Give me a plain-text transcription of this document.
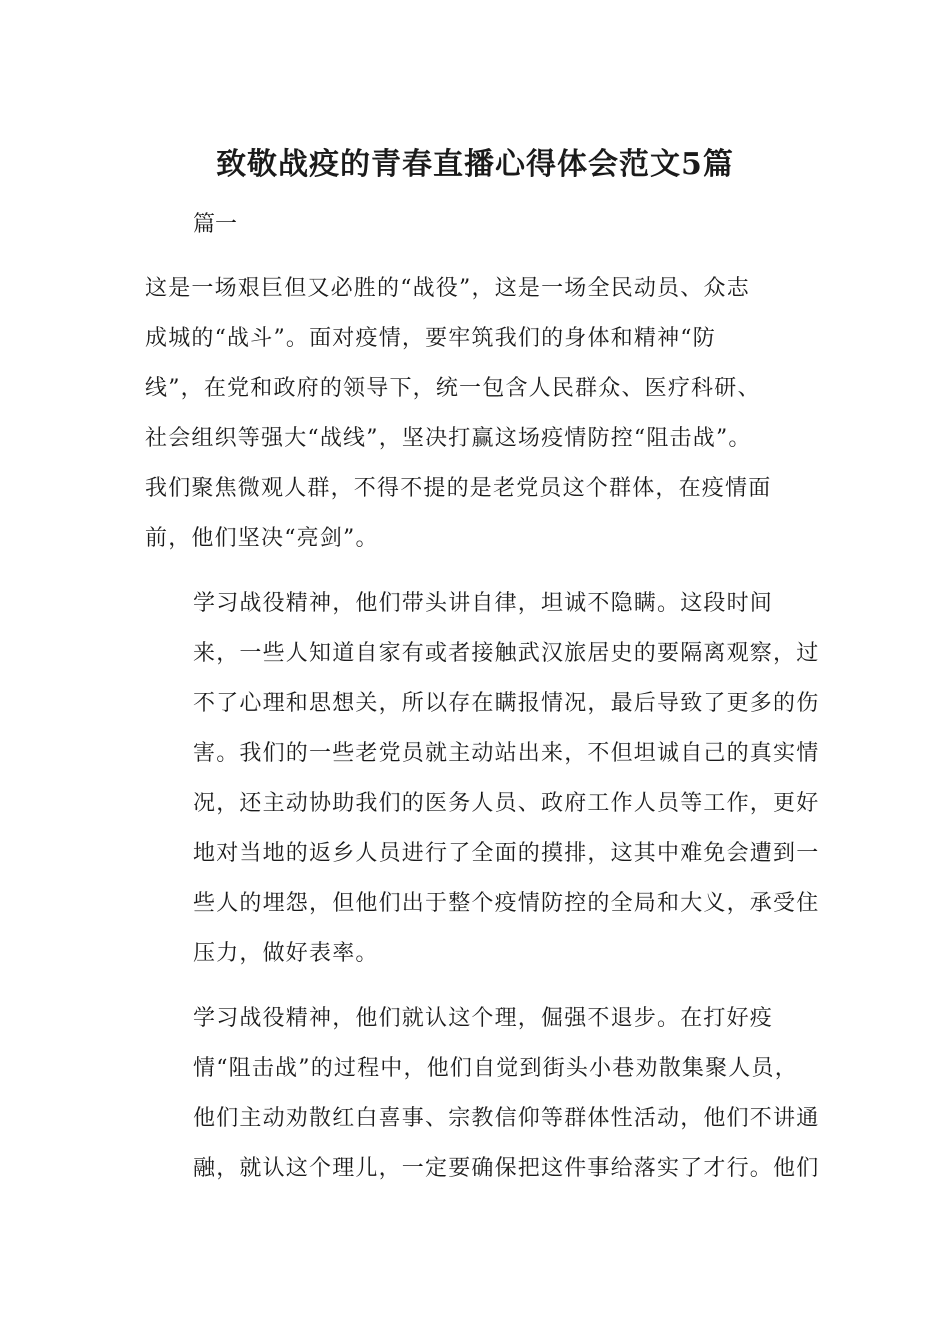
致敬战疫的青春直播心得体会范文5篇

篇一

这是一场艰巨但又必胜的“战役”，这是一场全民动员、众志
成城的“战斗”。面对疫情，要牢筑我们的身体和精神“防
线”，在党和政府的领导下，统一包含人民群众、医疗科研、
社会组织等强大“战线”，坚决打赢这场疫情防控“阻击战”。
我们聚焦微观人群，不得不提的是老党员这个群体，在疫情面
前，他们坚决“亮剑”。

学习战役精神，他们带头讲自律，坦诚不隐瞒。这段时间
来，一些人知道自家有或者接触武汉旅居史的要隔离观察，过
不了心理和思想关，所以存在瞒报情况，最后导致了更多的伤
害。我们的一些老党员就主动站出来，不但坦诚自己的真实情
况，还主动协助我们的医务人员、政府工作人员等工作，更好
地对当地的返乡人员进行了全面的摸排，这其中难免会遭到一
些人的埋怨，但他们出于整个疫情防控的全局和大义，承受住
压力，做好表率。

学习战役精神，他们就认这个理，倔强不退步。在打好疫
情“阻击战”的过程中，他们自觉到街头小巷劝散集聚人员，
他们主动劝散红白喜事、宗教信仰等群体性活动，他们不讲通
融，就认这个理儿，一定要确保把这件事给落实了才行。他们
